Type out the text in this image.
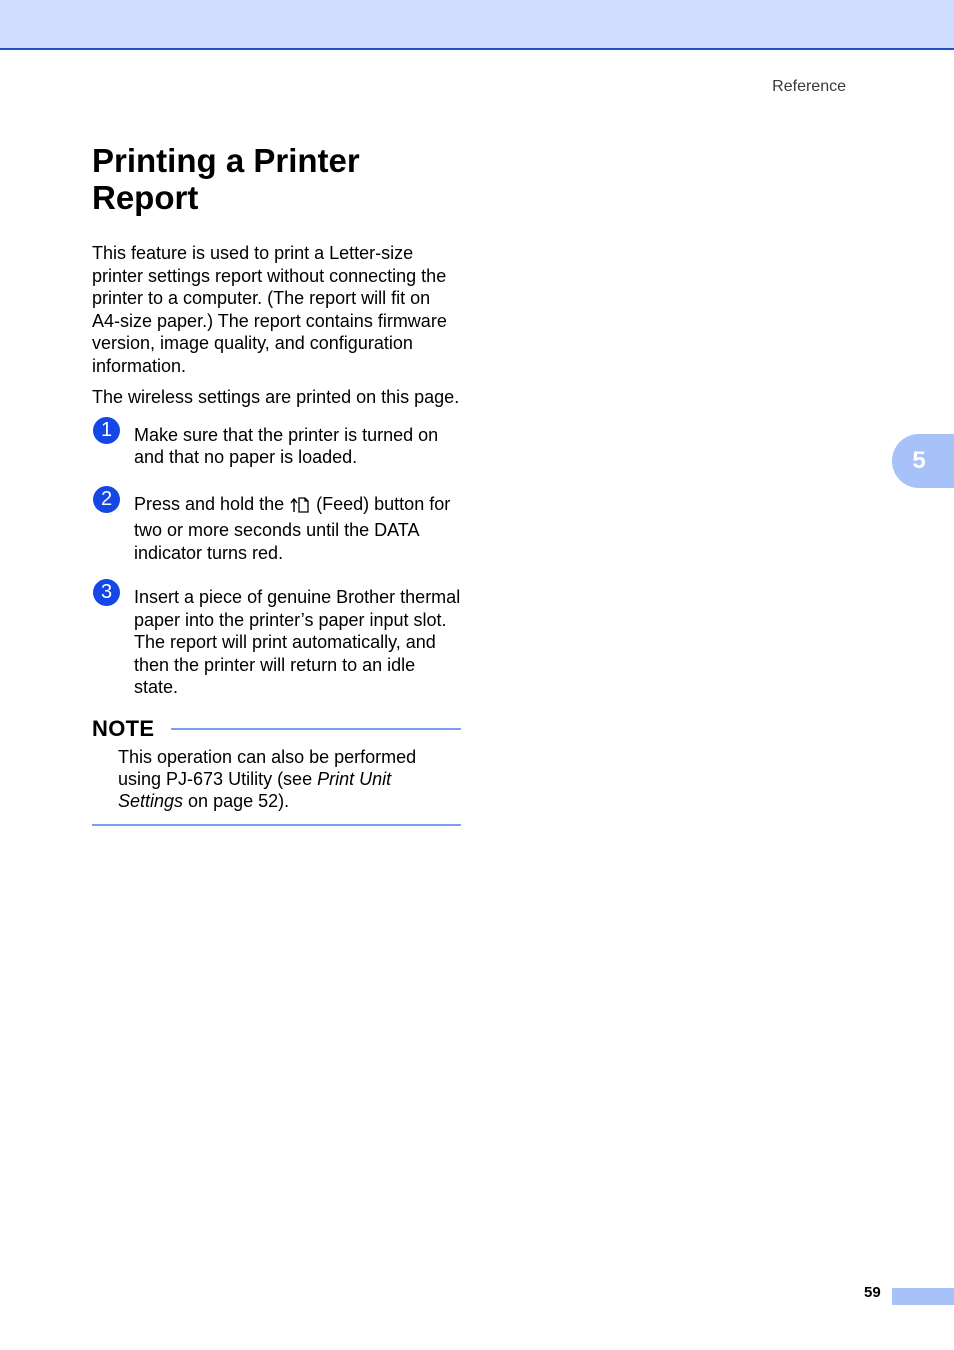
Reference
5
Printing a Printer Report

This feature is used to print a Letter-size printer settings report without connecting the printer to a computer. (The report will fit on A4-size paper.) The report contains firmware version, image quality, and configuration information.

The wireless settings are printed on this page.

1	Make sure that the printer is turned on and that no paper is loaded.
2	Press and hold the (Feed) button for
two or more seconds until the DATA indicator turns red.
3	Insert a piece of genuine Brother thermal paper into the printer’s paper input slot. The report will print automatically, and then the printer will return to an idle state.
NOTE

This operation can also be performed using PJ-673 Utility (see Print Unit Settings on page 52).

59
